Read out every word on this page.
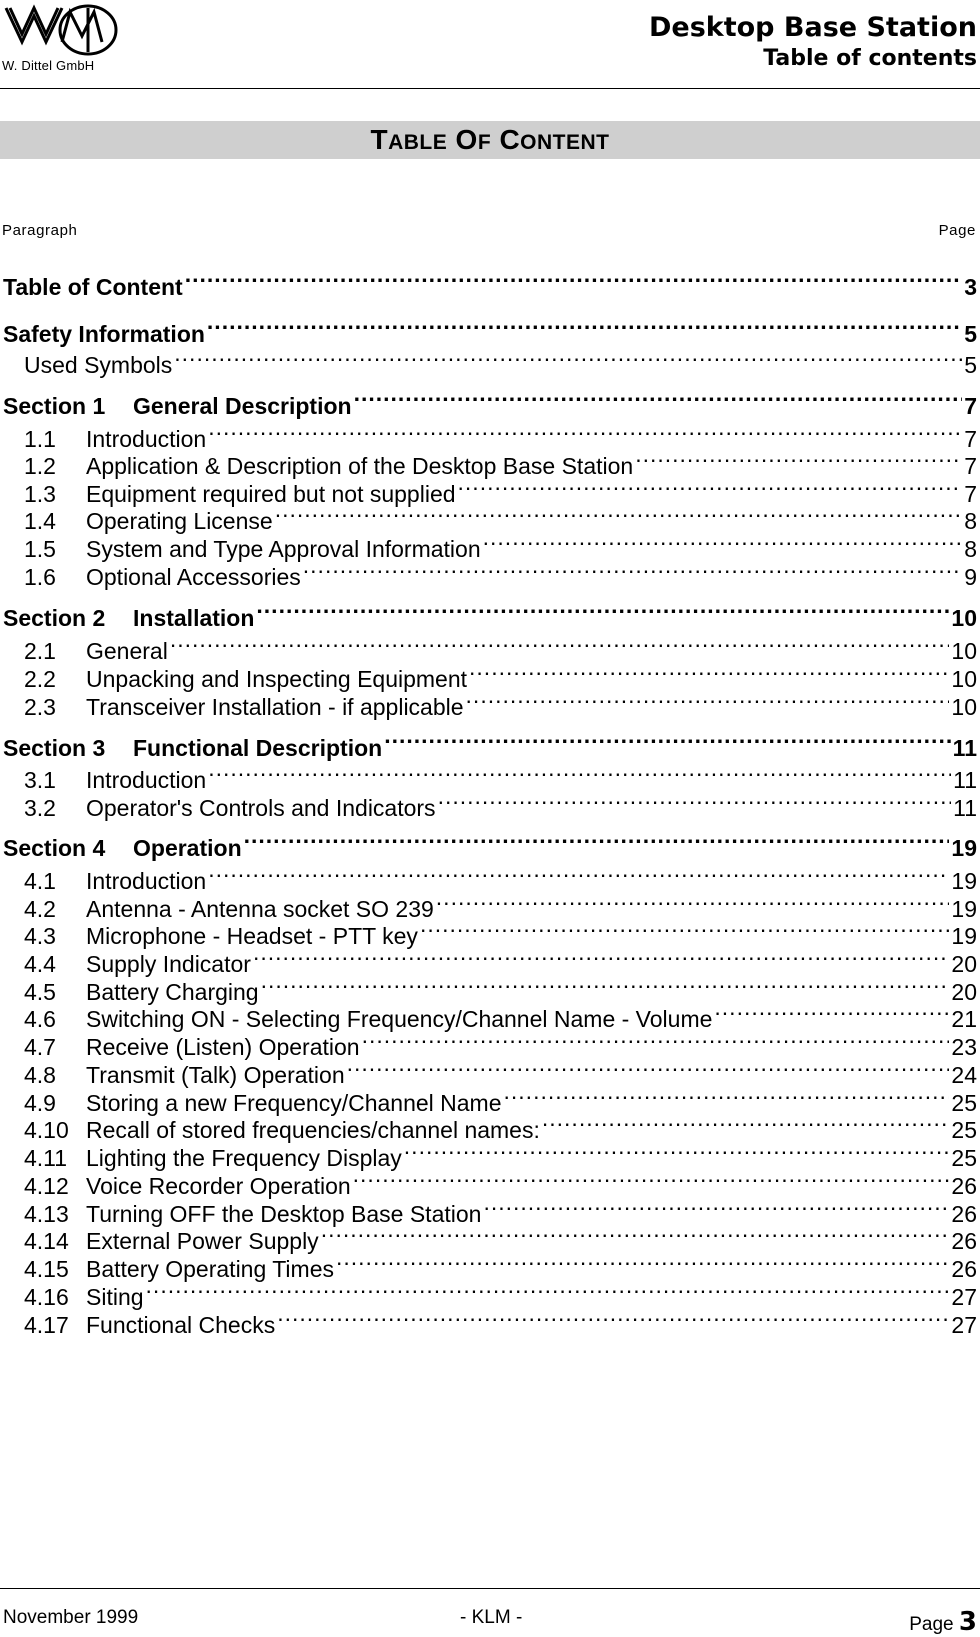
W. Dittel GmbH
Desktop Base Station
Table of contents
TABLE OF CONTENT
Paragraph	Page
Table of Content .....	3
Safety Information .....	5
Used Symbols .....	5
Section 1	General Description .....	7
1.1	Introduction .....	7
1.2	Application & Description of the Desktop Base Station .....	7
1.3	Equipment required but not supplied .....	7
1.4	Operating License .....	8
1.5	System and Type Approval Information .....	8
1.6	Optional Accessories .....	9
Section 2	Installation .....	10
2.1	General .....	10
2.2	Unpacking and Inspecting Equipment .....	10
2.3	Transceiver Installation - if applicable .....	10
Section 3	Functional Description .....	11
3.1	Introduction .....	11
3.2	Operator's Controls and Indicators .....	11
Section 4	Operation .....	19
4.1	Introduction .....	19
4.2	Antenna - Antenna socket SO 239 .....	19
4.3	Microphone - Headset - PTT key .....	19
4.4	Supply Indicator .....	20
4.5	Battery Charging .....	20
4.6	Switching ON - Selecting Frequency/Channel Name - Volume .....	21
4.7	Receive (Listen) Operation .....	23
4.8	Transmit (Talk) Operation .....	24
4.9	Storing a new Frequency/Channel Name .....	25
4.10 Recall of stored frequencies/channel names: .....	25
4.11 Lighting the Frequency Display .....	25
4.12 Voice Recorder Operation .....	26
4.13 Turning OFF the Desktop Base Station .....	26
4.14 External Power Supply .....	26
4.15 Battery Operating Times .....	26
4.16 Siting .....	27
4.17 Functional Checks .....	27
November 1999	- KLM -	Page 3
